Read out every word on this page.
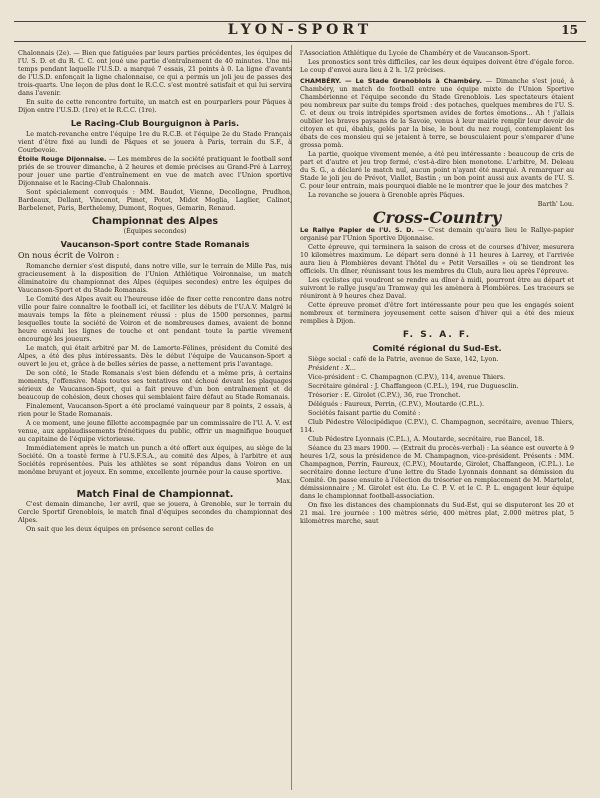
LYON-SPORT	15

Chalonnais (2e). — Bien que fatiguées par leurs parties précédentes, les équipes de l'U. S. D. et du R. C. C. ont joué une partie d'entraînement de 40 minutes. Une mi-temps pendant laquelle l'U.S.D. a marqué 7 essais, 21 points à 0. La ligne d'avants de l'U.S.D. enfonçait la ligne chalonnaise, ce qui a permis un joli jeu de passes des trois-quarts. Une leçon de plus dont le R.C.C. s'est montré satisfait et qui lui servira dans l'avenir.

En suite de cette rencontre fortuite, un match est en pourparlers pour Pâques à Dijon entre l'U.S.D. (1re) et le R.C.C. (1re).

Le Racing-Club Bourguignon à Paris.

Le match-revanche entre l'équipe 1re du R.C.B. et l'équipe 2e du Stade Français vient d'être fixé au lundi de Pâques et se jouera à Paris, terrain du S.F., à Courbevoie.

Étoile Rouge Dijonnaise. — Les membres de la société pratiquant le football sont priés de se trouver dimanche, à 2 heures et demie précises au Grand-Pré à Larrey, pour jouer une partie d'entraînement en vue de match avec l'Union sportive Dijonnaise et le Racing-Club Chalonnais.

Sont spécialement convoqués : MM. Baudot, Vienne, Decollogne, Prudhon, Bardeaux, Dellant, Vincenot, Pimet, Potot, Midot Moglia, Laglier, Calinot, Barbelenet, Paris, Berthelemy, Dumont, Roques, Gemarin, Renaud.

Championnat des Alpes
(Équipes secondes)
Vaucanson-Sport contre Stade Romanais

On nous écrit de Voiron :

Romanche dernier s'est disputé, dans notre ville, sur le terrain de Mille Pas, mis gracieusement à la disposition de l'Union Athlétique Voironnaise, un match éliminatoire du championnat des Alpes (équipes secondes) entre les équipes de Vaucanson-Sport et du Stade Romanais.

Le Comité des Alpes avait eu l'heureuse idée de fixer cette rencontre dans notre ville pour faire connaître le football ici, et faciliter les débuts de l'U.A.V. Malgré le mauvais temps la fête a pleinement réussi : plus de 1500 personnes, parmi lesquelles toute la société de Voiron et de nombreuses dames, avaient de bonne heure envahi les lignes de touche et ont pendant toute la partie vivement encouragé les joueurs.

Le match, qui était arbitré par M. de Lamorte-Félines, président du Comité des Alpes, a été des plus intéressants. Dès le début l'équipe de Vaucanson-Sport a ouvert le jeu et, grâce à de belles séries de passe, a nettement pris l'avantage.

De son côté, le Stade Romanais s'est bien défendu et a même pris, à certains moments, l'offensive. Mais toutes ses tentatives ont échoué devant les plaquages sérieux de Vaucanson-Sport, qui a fait preuve d'un bon entraînement et de beaucoup de cohésion, deux choses qui semblaient faire défaut au Stade Romanais.

Finalement, Vaucanson-Sport a été proclamé vainqueur par 8 points, 2 essais, à rien pour le Stade Romanais.

A ce moment, une jeune fillette accompagnée par un commissaire de l'U. A. V. est venue, aux applaudissements frénétiques du public, offrir un magnifique bouquet au capitaine de l'équipe victorieuse.

Immédiatement après le match un punch a été offert aux équipes, au siège de la Société. On a toasté ferme à l'U.S.F.S.A., au comité des Alpes, à l'arbitre et aux Sociétés représentées. Puis les athlètes se sont répandus dans Voiron en un monôme bruyant et joyeux. En somme, excellente journée pour la cause sportive.

Max.
Match Final de Championnat.

C'est demain dimanche, 1er avril, que se jouera, à Grenoble, sur le terrain du Cercle Sportif Grenoblois, le match final d'équipes secondes du championnat des Alpes.

On sait que les deux équipes en présence seront celles de

l'Association Athlétique du Lycée de Chambéry et de Vaucanson-Sport.

Les pronostics sont très difficiles, car les deux équipes doivent être d'égale force. Le coup d'envoi aura lieu à 2 h. 1/2 précises.

CHAMBÉRY. — Le Stade Grenoblois à Chambéry. — Dimanche s'est joué, à Chambéry, un match de football entre une équipe mixte de l'Union Sportive Chambérienne et l'équipe seconde du Stade Grenoblois. Les spectateurs étaient peu nombreux par suite du temps froid : des potaches, quelques membres de l'U. S. C. et deux ou trois intrépides sportsmen avides de fortes émotions... Ah ! j'allais oublier les braves paysans de la Savoie, venus à leur mairie remplir leur devoir de citoyen et qui, ébahis, gelés par la bise, le bout du nez rougi, contemplaient les ébats de ces monsieu qui se jetaient à terre, se bousculaient pour s'emparer d'une grossa pomà.

La partie, quoique vivement menée, a été peu intéressante : beaucoup de cris de part et d'autre et jeu trop fermé, c'est-à-dire bien monotone. L'arbitre, M. Deleau du S. G., a déclaré le match nul, aucun point n'ayant été marqué. A remarquer au Stade le joli jeu de Prévot, Viallet, Bastin ; un bon point aussi aux avants de l'U. S. C. pour leur entrain, mais pourquoi diable ne le montrer que le jour des matches ?

La revanche se jouera à Grenoble après Pâques.

Barth' Lou.
Cross-Country

Le Rallye Papier de l'U. S. D. — C'est demain qu'aura lieu le Rallye-papier organisé par l'Union Sportive Dijonnaise.

Cette épreuve, qui terminera la saison de cross et de courses d'hiver, mesurera 10 kilomètres maximum. Le départ sera donné à 11 heures à Larrey, et l'arrivée aura lieu à Plombières devant l'hôtel du « Petit Versailles » où se tiendront les officiels. Un dîner, réunissant tous les membres du Club, aura lieu après l'épreuve.

Les cyclistes qui voudront se rendre au dîner à midi, pourront être au départ et suivront le rallye jusqu'au Tramway qui les amènera à Plombières. Les traceurs se réuniront à 9 heures chez Daval.

Cette épreuve promet d'être fort intéressante pour peu que les engagés soient nombreux et terminera joyeusement cette saison d'hiver qui a été des mieux remplies à Dijon.

F. S. A. F.
Comité régional du Sud-Est.

Siège social : café de la Patrie, avenue de Saxe, 142, Lyon.

Président : X...

Vice-président : C. Champagnon (C.P.V.), 114, avenue Thiers.

Secrétaire général : J. Chaffangeon (C.P.L.), 194, rue Duguesclin.

Trésorier : E. Girolet (C.P.V.), 36, rue Tronchet.

Délégués : Faureux, Perrin, (C.P.V.), Moutarde (C.P.L.).

Sociétés faisant partie du Comité :

Club Pédestre Vélocipédique (C.P.V.), C. Champagnon, secrétaire, avenue Thiers, 114.

Club Pédestre Lyonnais (C.P.L.), A. Moutarde, secrétaire, rue Bancel, 18.

Séance du 23 mars 1900. — (Extrait du procès-verbal) : La séance est ouverte à 9 heures 1/2, sous la présidence de M. Champagnon, vice-président. Présents : MM. Champagnon, Perrin, Faureux, (C.P.V.), Moutarde, Girolet, Chaffangeon, (C.P.L.). Le secrétaire donne lecture d'une lettre du Stade Lyonnais donnant sa démission du Comité. On passe ensuite à l'élection du trésorier en remplacement de M. Martelat, démissionnaire ; M. Girolet est élu. Le C. P. V. et le C. P. L. engagent leur équipe dans le championnat football-association.

On fixe les distances des championnats du Sud-Est, qui se disputeront les 20 et 21 mai. 1re journée : 100 mètres série, 400 mètres plat, 2.000 mètres plat, 5 kilomètres marche, saut
